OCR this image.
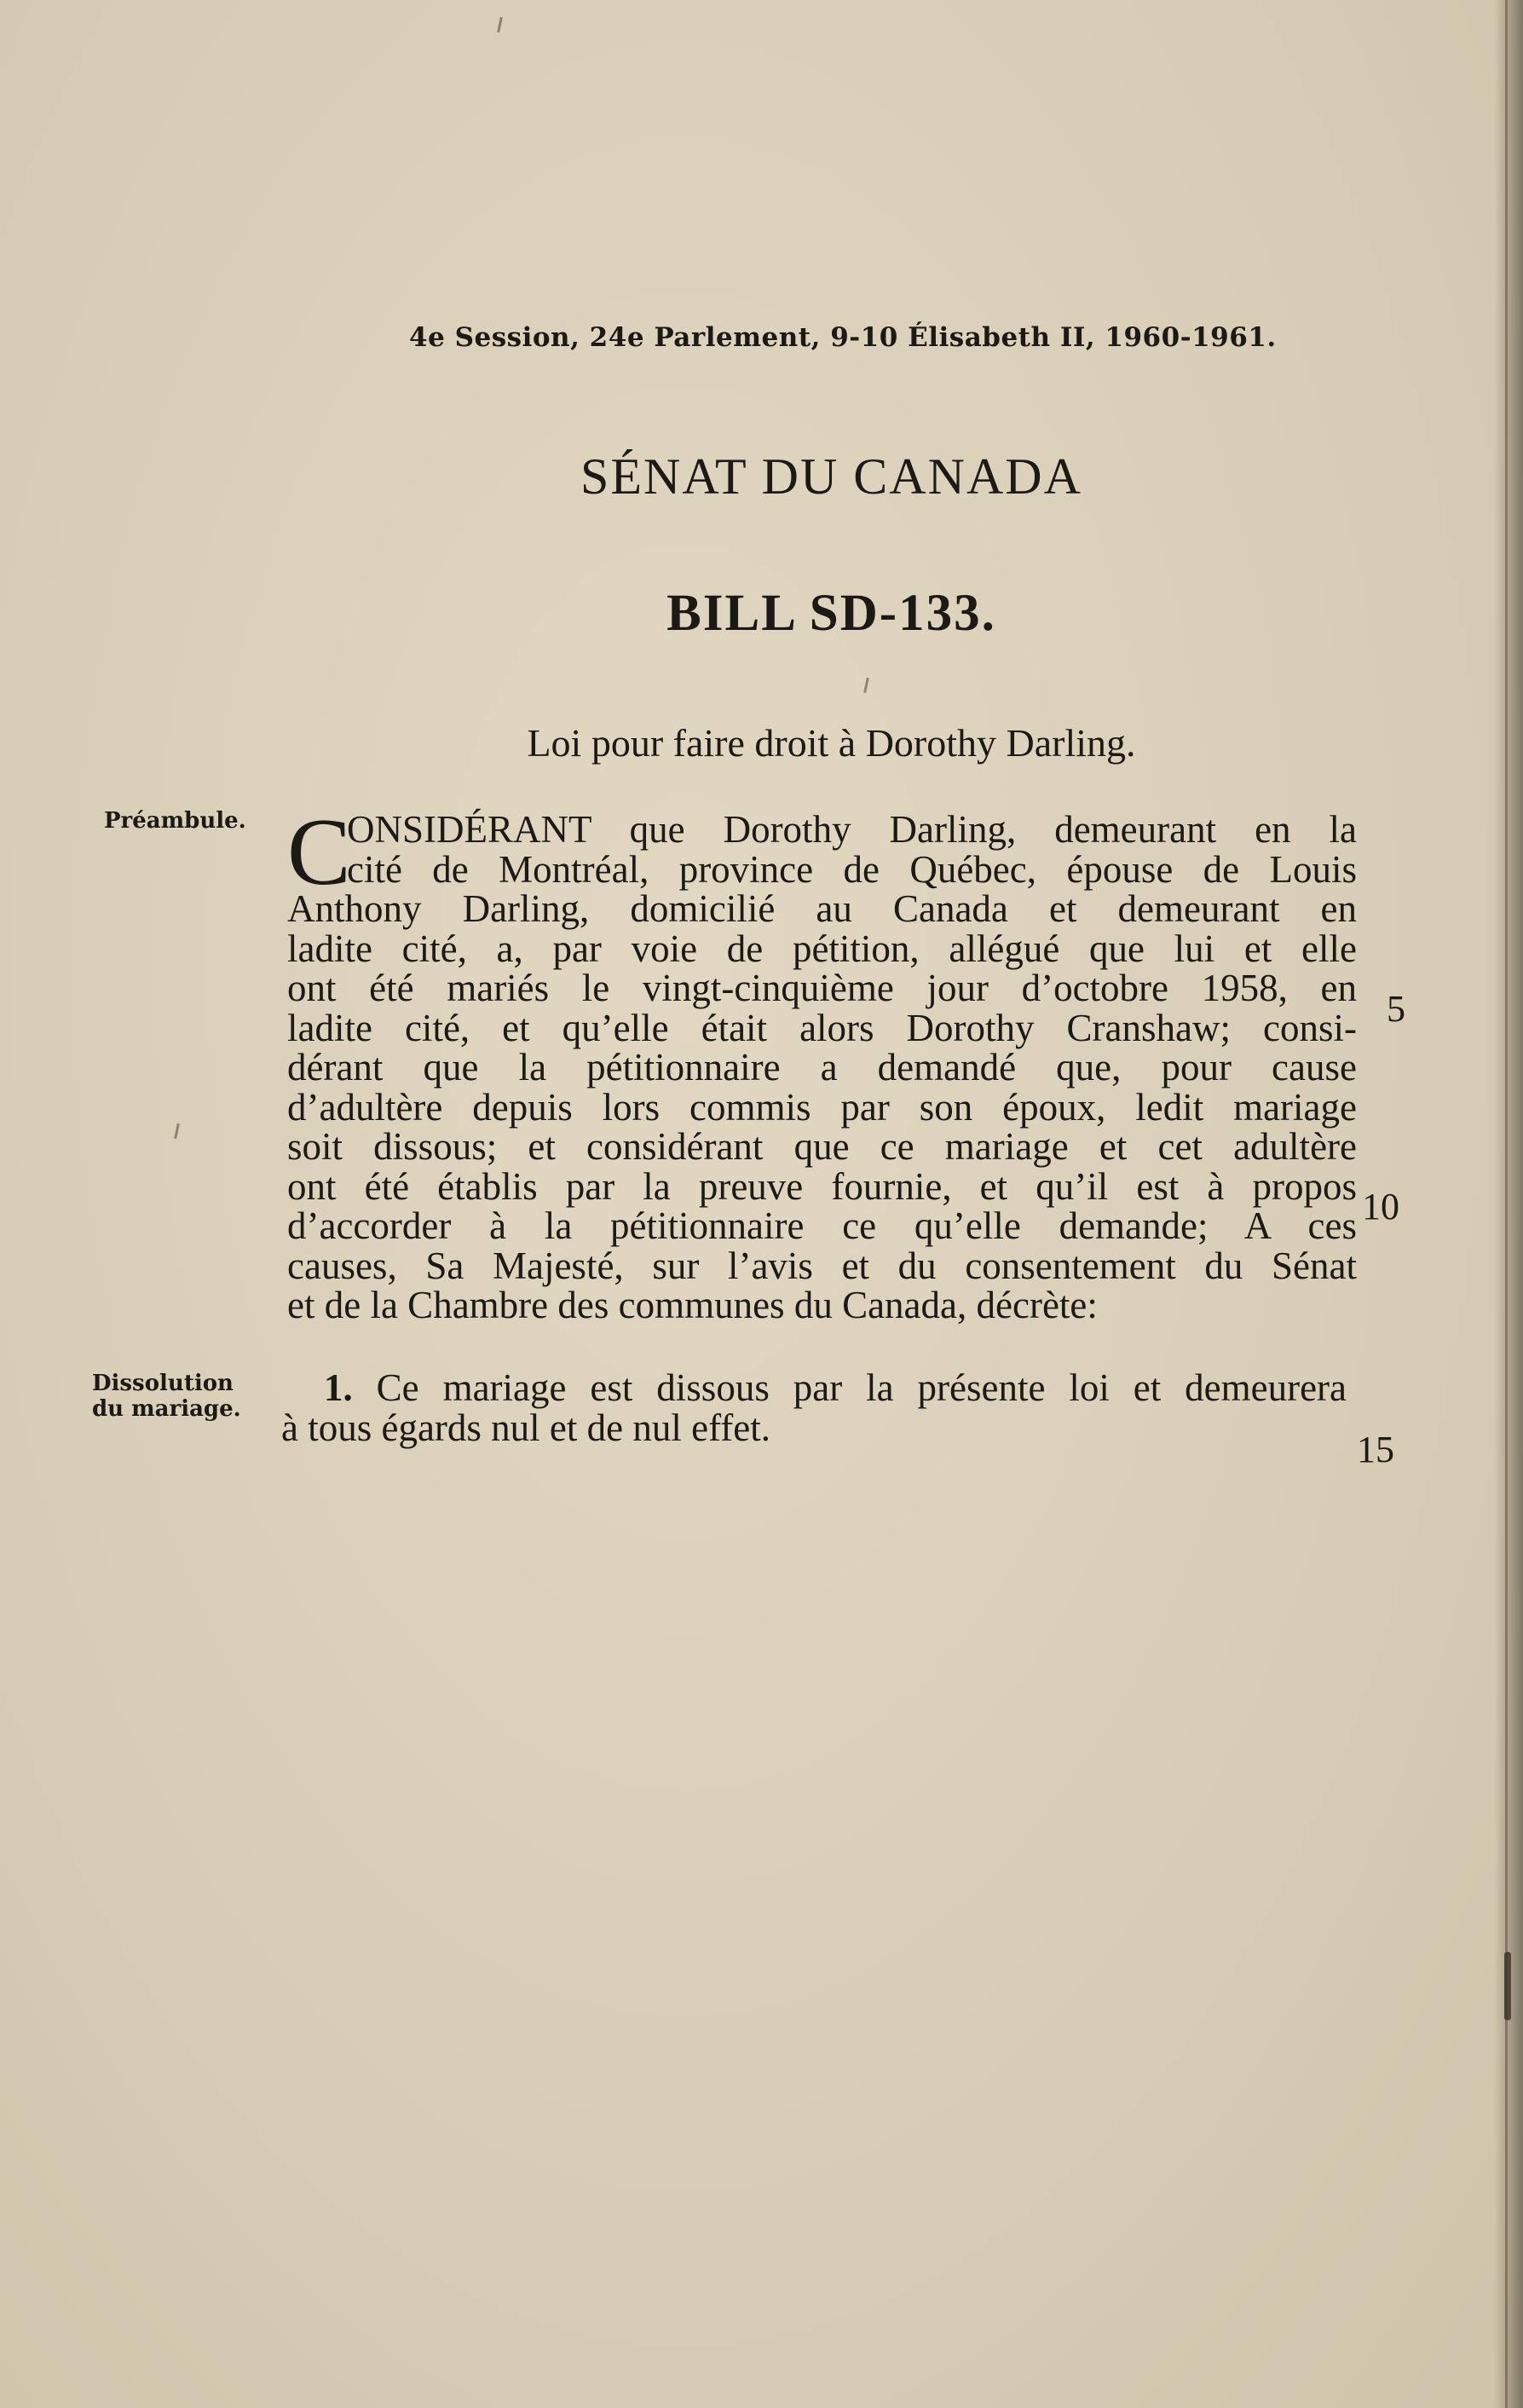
4e Session, 24e Parlement, 9-10 Élisabeth II, 1960-1961.
SÉNAT DU CANADA
BILL SD-133.
Loi pour faire droit à Dorothy Darling.
Préambule.
Dissolution
du mariage.
C
ONSIDÉRANT que Dorothy Darling, demeurant en la
cité de Montréal, province de Québec, épouse de Louis
Anthony Darling, domicilié au Canada et demeurant en
ladite cité, a, par voie de pétition, allégué que lui et elle
ont été mariés le vingt-cinquième jour d’octobre 1958, en
ladite cité, et qu’elle était alors Dorothy Cranshaw; consi-
dérant que la pétitionnaire a demandé que, pour cause
d’adultère depuis lors commis par son époux, ledit mariage
soit dissous; et considérant que ce mariage et cet adultère
ont été établis par la preuve fournie, et qu’il est à propos
d’accorder à la pétitionnaire ce qu’elle demande; A ces
causes, Sa Majesté, sur l’avis et du consentement du Sénat
et de la Chambre des communes du Canada, décrète:
1. Ce mariage est dissous par la présente loi et demeurera
à tous égards nul et de nul effet.
5
10
15
